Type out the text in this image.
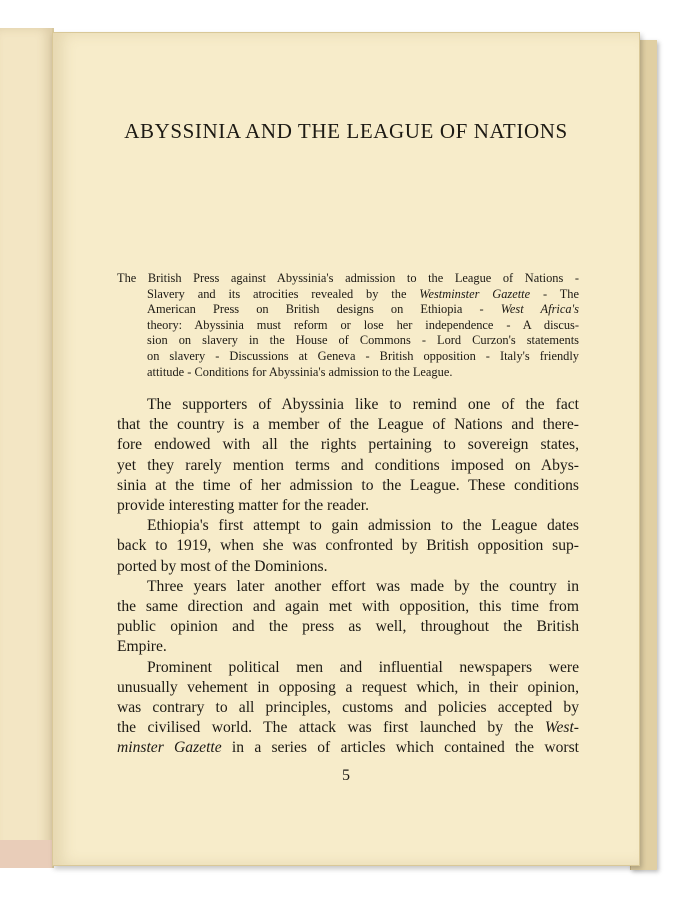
ABYSSINIA AND THE LEAGUE OF NATIONS
The British Press against Abyssinia's admission to the League of Nations -
Slavery and its atrocities revealed by the Westminster Gazette - The
American Press on British designs on Ethiopia - West Africa's
theory: Abyssinia must reform or lose her independence - A discus-
sion on slavery in the House of Commons - Lord Curzon's statements
on slavery - Discussions at Geneva - British opposition - Italy's friendly
attitude - Conditions for Abyssinia's admission to the League.
The supporters of Abyssinia like to remind one of the fact
that the country is a member of the League of Nations and there-
fore endowed with all the rights pertaining to sovereign states,
yet they rarely mention terms and conditions imposed on Abys-
sinia at the time of her admission to the League. These conditions
provide interesting matter for the reader.
Ethiopia's first attempt to gain admission to the League dates
back to 1919, when she was confronted by British opposition sup-
ported by most of the Dominions.
Three years later another effort was made by the country in
the same direction and again met with opposition, this time from
public opinion and the press as well, throughout the British
Empire.
Prominent political men and influential newspapers were
unusually vehement in opposing a request which, in their opinion,
was contrary to all principles, customs and policies accepted by
the civilised world. The attack was first launched by the West-
minster Gazette in a series of articles which contained the worst
5
